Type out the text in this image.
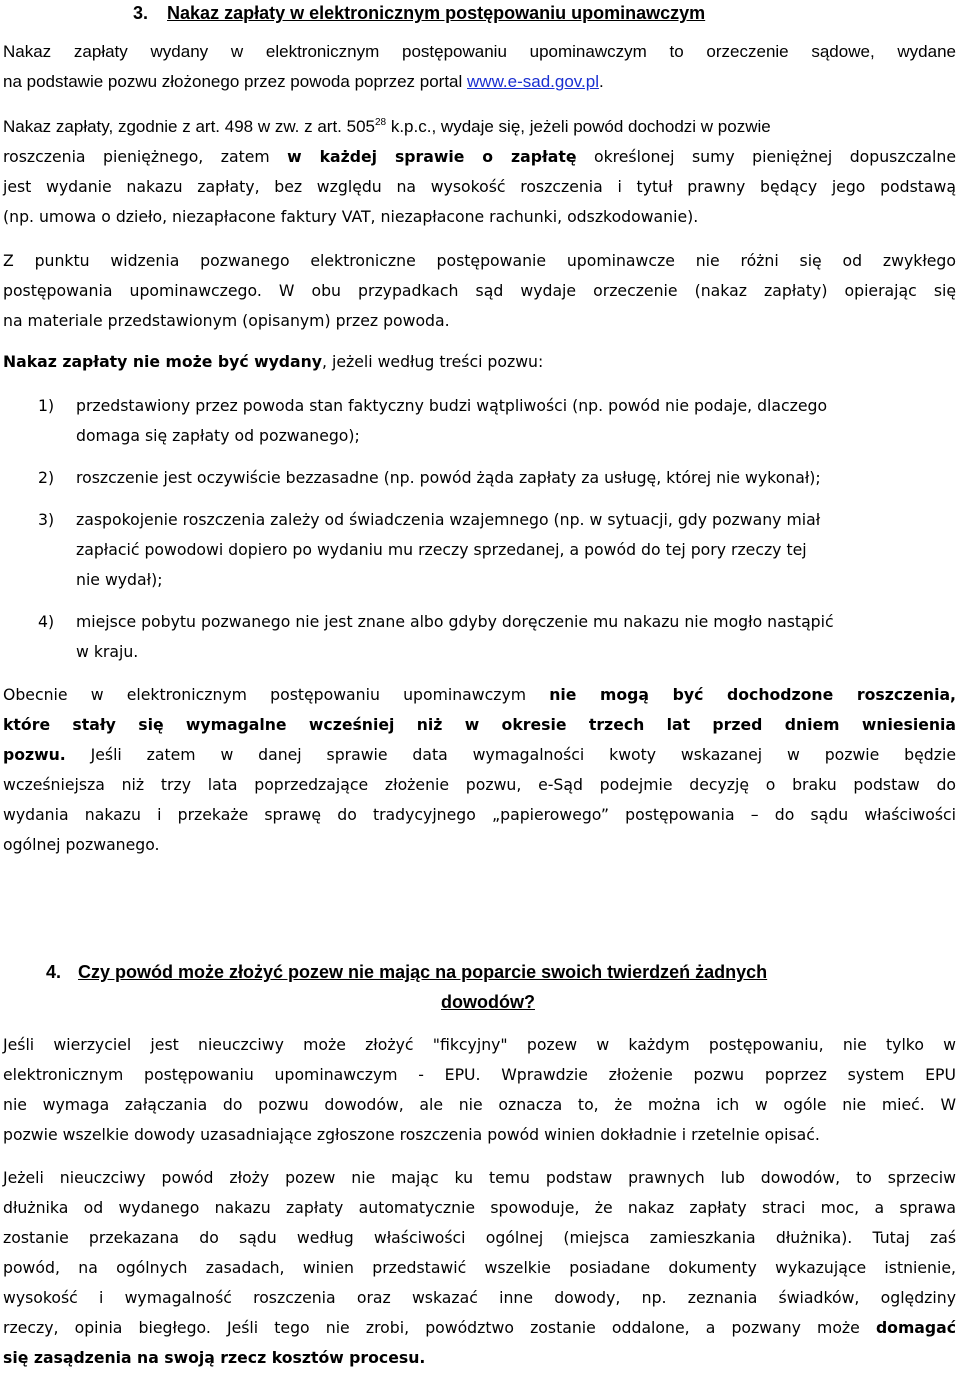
3. Nakaz zapłaty w elektronicznym postępowaniu upominawczym
Nakaz zapłaty wydany w elektronicznym postępowaniu upominawczym to orzeczenie sądowe, wydane
na podstawie pozwu złożonego przez powoda poprzez portal www.e-sad.gov.pl.
Nakaz zapłaty, zgodnie z art. 498 w zw. z art. $505^{28}$ k.p.c., wydaje się, jeżeli powód dochodzi w pozwie
roszczenia pieniężnego, zatem w każdej sprawie o zapłatę określonej sumy pieniężnej dopuszczalne
jest wydanie nakazu zapłaty, bez względu na wysokość roszczenia i tytuł prawny będący jego podstawą
(np. umowa o dzieło, niezapłacone faktury VAT, niezapłacone rachunki, odszkodowanie).
Z punktu widzenia pozwanego elektroniczne postępowanie upominawcze nie różni się od zwykłego
postępowania upominawczego. W obu przypadkach sąd wydaje orzeczenie (nakaz zapłaty) opierając się
na materiale przedstawionym (opisanym) przez powoda.
Nakaz zapłaty nie może być wydany, jeżeli według treści pozwu:
1) przedstawiony przez powoda stan faktyczny budzi wątpliwości (np. powód nie podaje, dlaczego
domaga się zapłaty od pozwanego);
2) roszczenie jest oczywiście bezzasadne (np. powód żąda zapłaty za usługę, której nie wykonał);
3) zaspokojenie roszczenia zależy od świadczenia wzajemnego (np. w sytuacji, gdy pozwany miał
zapłacić powodowi dopiero po wydaniu mu rzeczy sprzedanej, a powód do tej pory rzeczy tej
nie wydał);
4) miejsce pobytu pozwanego nie jest znane albo gdyby doręczenie mu nakazu nie mogło nastąpić
w kraju.
Obecnie w elektronicznym postępowaniu upominawczym nie mogą być dochodzone roszczenia,
które stały się wymagalne wcześniej niż w okresie trzech lat przed dniem wniesienia
pozwu. Jeśli zatem w danej sprawie data wymagalności kwoty wskazanej w pozwie będzie
wcześniejsza niż trzy lata poprzedzające złożenie pozwu, e-Sąd podejmie decyzję o braku podstaw do
wydania nakazu i przekaże sprawę do tradycyjnego „papierowego” postępowania – do sądu właściwości
ogólnej pozwanego.
4. Czy powód może złożyć pozew nie mając na poparcie swoich twierdzeń żadnych
dowodów?
Jeśli wierzyciel jest nieuczciwy może złożyć "fikcyjny" pozew w każdym postępowaniu, nie tylko w
elektronicznym postępowaniu upominawczym - EPU. Wprawdzie złożenie pozwu poprzez system EPU
nie wymaga załączania do pozwu dowodów, ale nie oznacza to, że można ich w ogóle nie mieć. W
pozwie wszelkie dowody uzasadniające zgłoszone roszczenia powód winien dokładnie i rzetelnie opisać.
Jeżeli nieuczciwy powód złoży pozew nie mając ku temu podstaw prawnych lub dowodów, to sprzeciw
dłużnika od wydanego nakazu zapłaty automatycznie spowoduje, że nakaz zapłaty straci moc, a sprawa
zostanie przekazana do sądu według właściwości ogólnej (miejsca zamieszkania dłużnika). Tutaj zaś
powód, na ogólnych zasadach, winien przedstawić wszelkie posiadane dokumenty wykazujące istnienie,
wysokość i wymagalność roszczenia oraz wskazać inne dowody, np. zeznania świadków, oględziny
rzeczy, opinia biegłego. Jeśli tego nie zrobi, powództwo zostanie oddalone, a pozwany może domagać
się zasądzenia na swoją rzecz kosztów procesu.
